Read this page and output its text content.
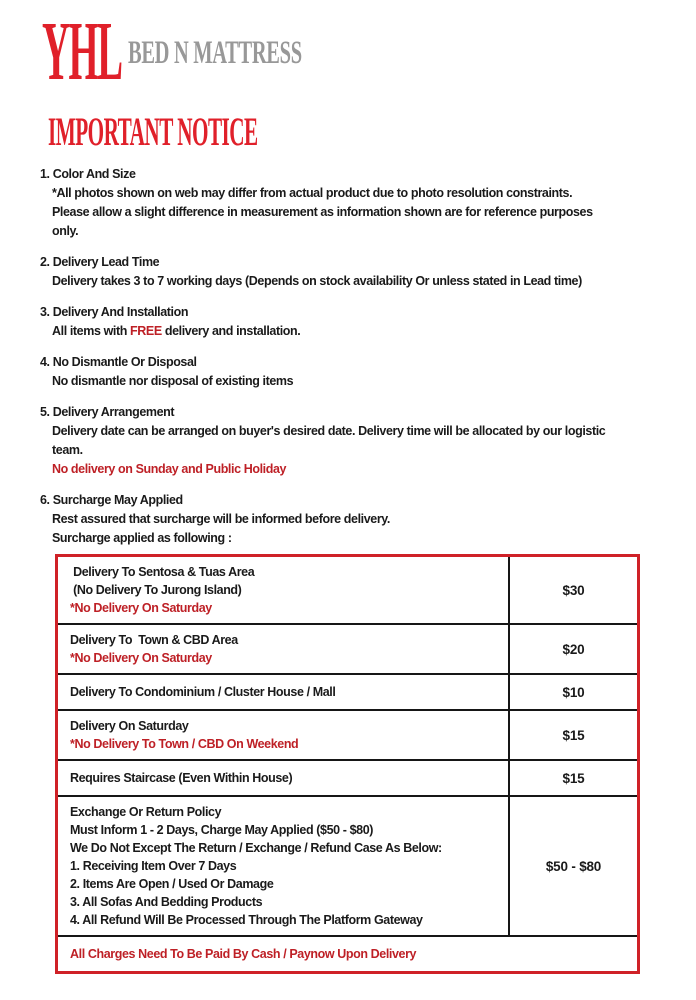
YHL BED N MATTRESS
IMPORTANT NOTICE
1. Color And Size
*All photos shown on web may differ from actual product due to photo resolution constraints.
Please allow a slight difference in measurement as information shown are for reference purposes
only.
2. Delivery Lead Time
Delivery takes 3 to 7 working days (Depends on stock availability Or unless stated in Lead time)
3. Delivery And Installation
All items with FREE delivery and installation.
4. No Dismantle Or Disposal
No dismantle nor disposal of existing items
5. Delivery Arrangement
Delivery date can be arranged on buyer's desired date. Delivery time will be allocated by our logistic
team.
No delivery on Sunday and Public Holiday
6. Surcharge May Applied
Rest assured that surcharge will be informed before delivery.
Surcharge applied as following :
Delivery To Sentosa & Tuas Area
(No Delivery To Jurong Island)
*No Delivery On Saturday
$30
Delivery To  Town & CBD Area
*No Delivery On Saturday
$20
Delivery To Condominium / Cluster House / Mall	$10
Delivery On Saturday
*No Delivery To Town / CBD On Weekend
$15
Requires Staircase (Even Within House)	$15
Exchange Or Return Policy
Must Inform 1 - 2 Days, Charge May Applied ($50 - $80)
We Do Not Except The Return / Exchange / Refund Case As Below:
1. Receiving Item Over 7 Days
2. Items Are Open / Used Or Damage
3. All Sofas And Bedding Products
4. All Refund Will Be Processed Through The Platform Gateway
$50 - $80
All Charges Need To Be Paid By Cash / Paynow Upon Delivery
